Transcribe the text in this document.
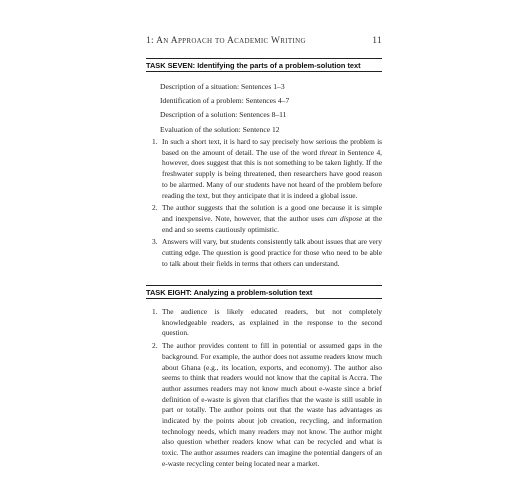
1: An Approach to Academic Writing	11
TASK SEVEN: Identifying the parts of a problem-solution text
Description of a situation: Sentences 1–3
Identification of a problem: Sentences 4–7
Description of a solution: Sentences 8–11
Evaluation of the solution: Sentence 12
1. In such a short text, it is hard to say precisely how serious the problem is based on the amount of detail. The use of the word threat in Sentence 4, however, does suggest that this is not something to be taken lightly. If the freshwater supply is being threatened, then researchers have good reason to be alarmed. Many of our students have not heard of the problem before reading the text, but they anticipate that it is indeed a global issue.
2. The author suggests that the solution is a good one because it is simple and inexpensive. Note, however, that the author uses can dispose at the end and so seems cautiously optimistic.
3. Answers will vary, but students consistently talk about issues that are very cutting edge. The question is good practice for those who need to be able to talk about their fields in terms that others can understand.
TASK EIGHT: Analyzing a problem-solution text
1. The audience is likely educated readers, but not completely knowledgeable readers, as explained in the response to the second question.
2. The author provides content to fill in potential or assumed gaps in the background. For example, the author does not assume readers know much about Ghana (e.g., its location, exports, and economy). The author also seems to think that readers would not know that the capital is Accra. The author assumes readers may not know much about e-waste since a brief definition of e-waste is given that clarifies that the waste is still usable in part or totally. The author points out that the waste has advantages as indicated by the points about job creation, recycling, and information technology needs, which many readers may not know. The author might also question whether readers know what can be recycled and what is toxic. The author assumes readers can imagine the potential dangers of an e-waste recycling center being located near a market.
